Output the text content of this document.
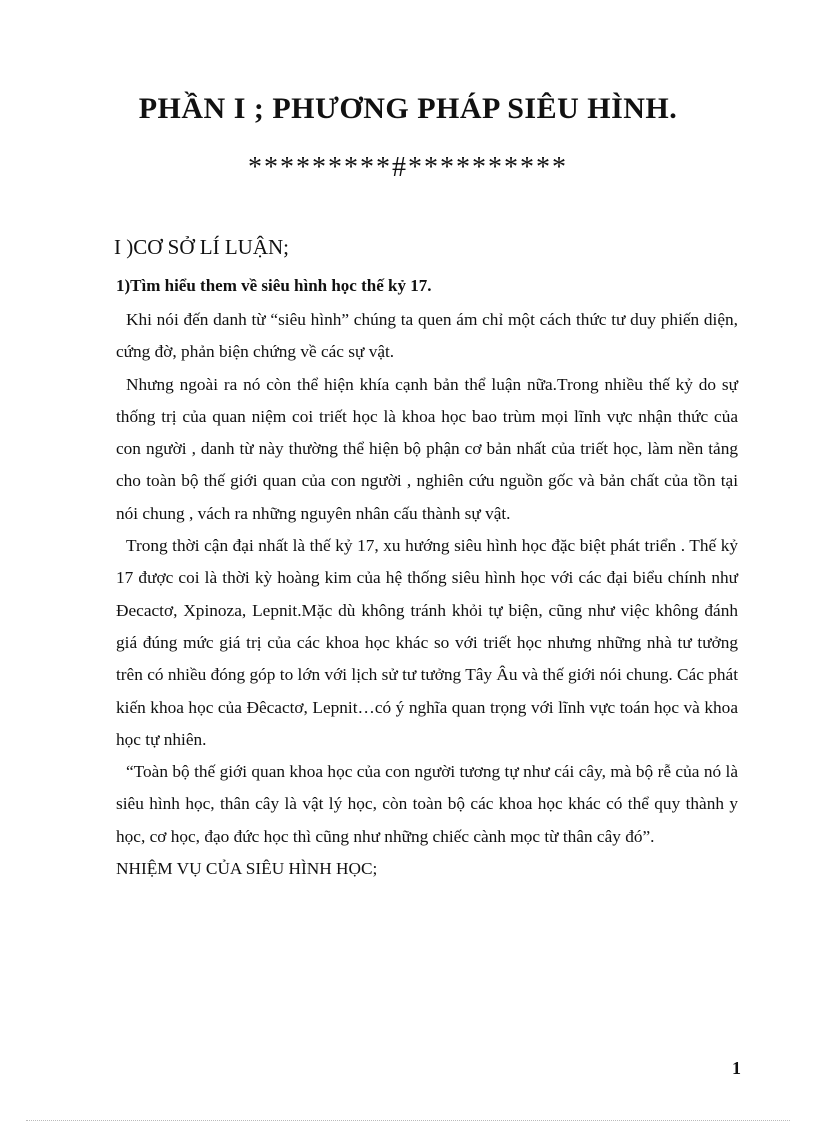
PHẦN I ; PHƯƠNG PHÁP SIÊU HÌNH.
*********#**********
I )CƠ SỞ LÍ LUẬN;
1)Tìm hiểu them về siêu hình học thế kỷ 17.

Khi nói đến danh từ “siêu hình” chúng ta quen ám chỉ một cách thức tư duy phiến diện, cứng đờ, phản biện chứng về các sự vật.

Nhưng ngoài ra nó còn thể hiện khía cạnh bản thể luận nữa.Trong nhiều thế kỷ do sự thống trị của quan niệm coi triết học là khoa học bao trùm mọi lĩnh vực nhận thức của con người , danh từ này thường thể hiện bộ phận cơ bản nhất của triết học, làm nền tảng cho toàn bộ thế giới quan của con người , nghiên cứu nguồn gốc và bản chất của tồn tại nói chung , vách ra những nguyên nhân cấu thành sự vật.

Trong thời cận đại nhất là thế kỷ 17, xu hướng siêu hình học đặc biệt phát triển . Thế kỷ 17 được coi là thời kỳ hoàng kim của hệ thống siêu hình học với các đại biểu chính như Đecactơ, Xpinoza, Lepnit.Mặc dù không tránh khỏi tự biện, cũng như việc không đánh giá đúng mức giá trị của các khoa học khác so với triết học nhưng những nhà tư tưởng trên có nhiều đóng góp to lớn với lịch sử tư tưởng Tây Âu và thế giới nói chung. Các phát kiến khoa học của Đêcactơ, Lepnit…có ý nghĩa quan trọng với lĩnh vực toán học và khoa học tự nhiên.

“Toàn bộ thế giới quan khoa học của con người tương tự như cái cây, mà bộ rễ của nó là siêu hình học, thân cây là vật lý học, còn toàn bộ các khoa học khác có thể quy thành y học, cơ học, đạo đức học thì cũng như những chiếc cành mọc từ thân cây đó”.

NHIỆM VỤ CỦA SIÊU HÌNH HỌC;

1
